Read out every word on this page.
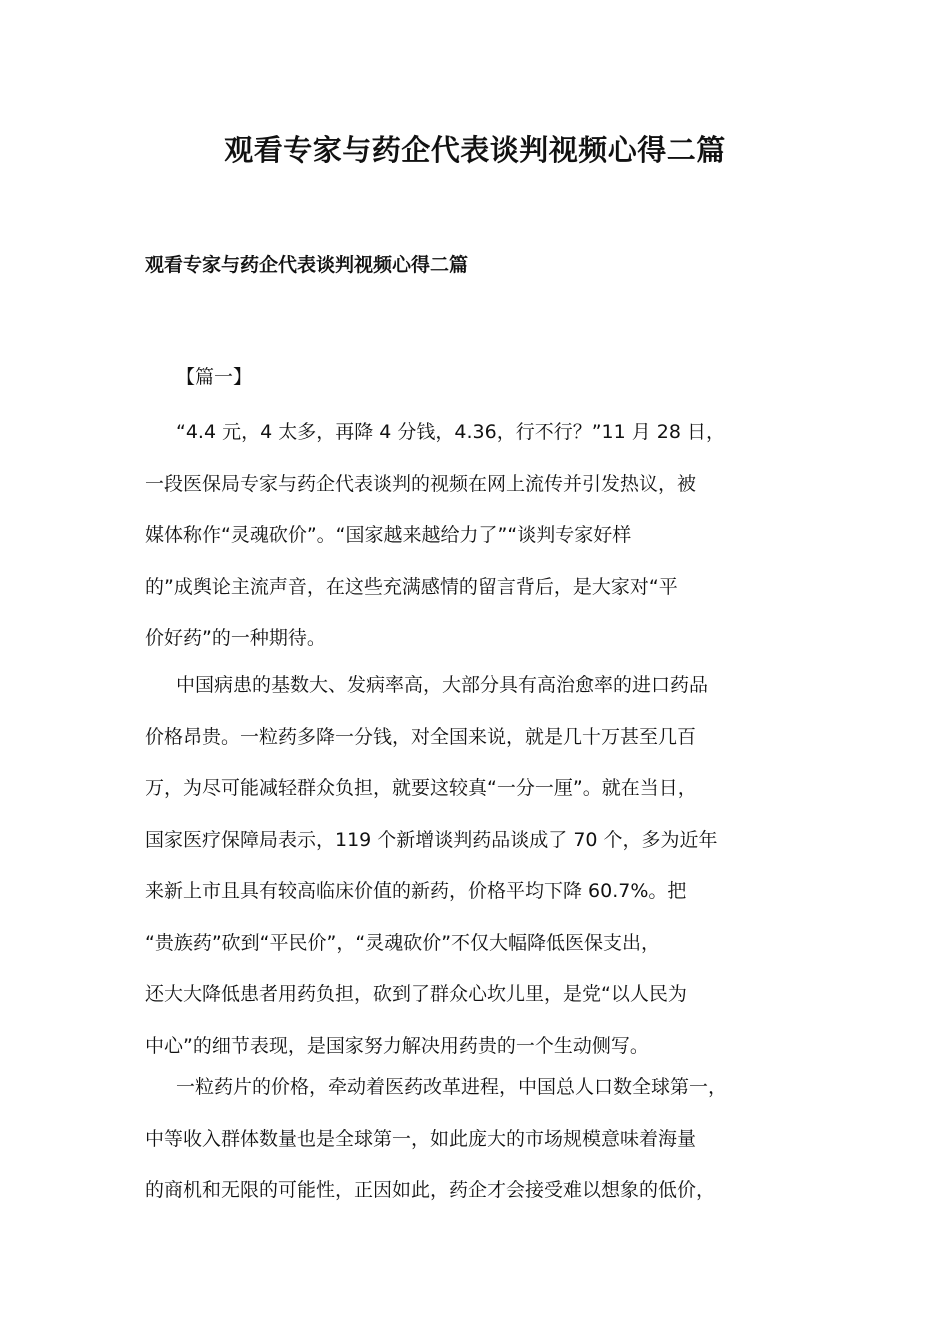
观看专家与药企代表谈判视频心得二篇
观看专家与药企代表谈判视频心得二篇
【篇一】
“4.4 元，4 太多，再降 4 分钱，4.36，行不行？”11 月 28 日，
一段医保局专家与药企代表谈判的视频在网上流传并引发热议，被
媒体称作“灵魂砍价”。“国家越来越给力了”“谈判专家好样
的”成舆论主流声音，在这些充满感情的留言背后，是大家对“平
价好药”的一种期待。
中国病患的基数大、发病率高，大部分具有高治愈率的进口药品
价格昂贵。一粒药多降一分钱，对全国来说，就是几十万甚至几百
万，为尽可能减轻群众负担，就要这较真“一分一厘”。就在当日，
国家医疗保障局表示，119 个新增谈判药品谈成了 70 个，多为近年
来新上市且具有较高临床价值的新药，价格平均下降 60.7%。把
“贵族药”砍到“平民价”，“灵魂砍价”不仅大幅降低医保支出，
还大大降低患者用药负担，砍到了群众心坎儿里，是党“以人民为
中心”的细节表现，是国家努力解决用药贵的一个生动侧写。
一粒药片的价格，牵动着医药改革进程，中国总人口数全球第一，
中等收入群体数量也是全球第一，如此庞大的市场规模意味着海量
的商机和无限的可能性，正因如此，药企才会接受难以想象的低价，
